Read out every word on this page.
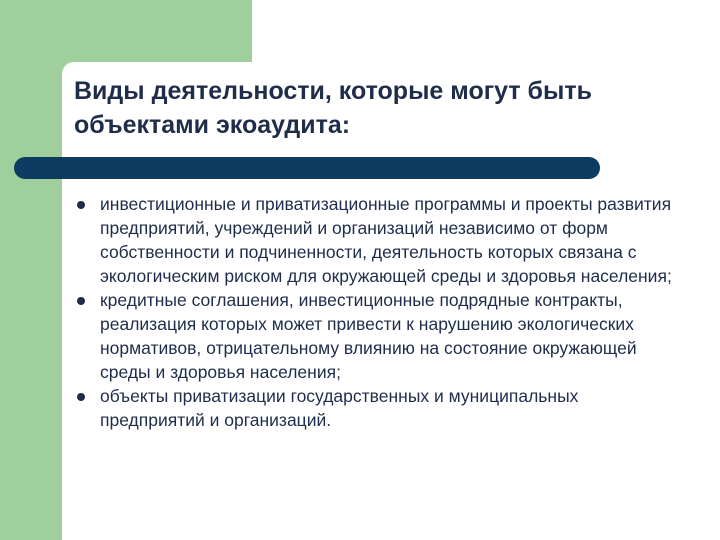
Виды деятельности, которые могут быть объектами экоаудита:
инвестиционные и приватизационные программы и проекты развития предприятий, учреждений и организаций независимо от форм собственности и подчиненности, деятельность которых связана с экологическим риском для окружающей среды и здоровья населения;
кредитные соглашения, инвестиционные подрядные контракты, реализация которых может привести к нарушению экологических нормативов, отрицательному влиянию на состояние окружающей среды и здоровья населения;
объекты приватизации государственных и муниципальных предприятий и организаций.
